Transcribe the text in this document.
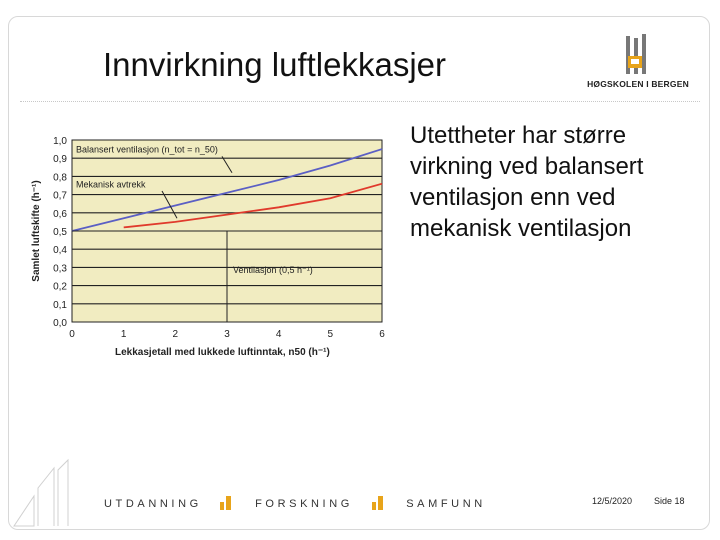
Innvirkning luftlekkasjer
HØGSKOLEN I BERGEN
0,0
0,1
0,2
0,3
0,4
0,5
0,6
0,7
0,8
0,9
1,0
0	1	2	3	4	5	6
Lekkasjetall med lukkede luftinntak, n50 (h⁻¹)
Samlet luftskifte (h⁻¹)
Balansert ventilasjon (n_tot = n_50)
Mekanisk avtrekk
Ventilasjon (0,5 h⁻¹)
Utettheter har større virkning ved balansert ventilasjon enn ved mekanisk ventilasjon
UTDANNING	FORSKNING	SAMFUNN	12/5/2020 Side 18
